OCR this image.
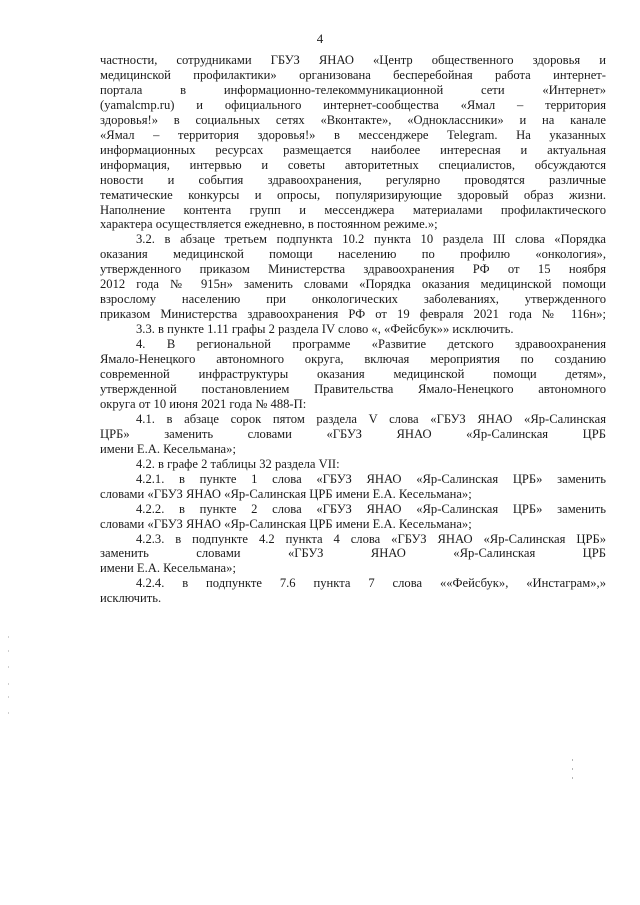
4
частности, сотрудниками ГБУЗ ЯНАО «Центр общественного здоровья и
медицинской профилактики» организована бесперебойная работа интернет-
портала в информационно-телекоммуникационной сети «Интернет»
(yamalcmp.ru) и официального интернет-сообщества «Ямал – территория
здоровья!» в социальных сетях «Вконтакте», «Одноклассники» и на канале
«Ямал – территория здоровья!» в мессенджере Telegram. На указанных
информационных ресурсах размещается наиболее интересная и актуальная
информация, интервью и советы авторитетных специалистов, обсуждаются
новости и события здравоохранения, регулярно проводятся различные
тематические конкурсы и опросы, популяризирующие здоровый образ жизни.
Наполнение контента групп и мессенджера материалами профилактического
характера осуществляется ежедневно, в постоянном режиме.»;
3.2. в абзаце третьем подпункта 10.2 пункта 10 раздела III слова «Порядка
оказания медицинской помощи населению по профилю «онкология»,
утвержденного приказом Министерства здравоохранения РФ от 15 ноября
2012 года № 915н» заменить словами «Порядка оказания медицинской помощи
взрослому населению при онкологических заболеваниях, утвержденного
приказом Министерства здравоохранения РФ от 19 февраля 2021 года № 116н»;
3.3. в пункте 1.11 графы 2 раздела IV слово «, «Фейсбук»» исключить.
4. В региональной программе «Развитие детского здравоохранения
Ямало-Ненецкого автономного округа, включая мероприятия по созданию
современной инфраструктуры оказания медицинской помощи детям»,
утвержденной постановлением Правительства Ямало-Ненецкого автономного
округа от 10 июня 2021 года № 488-П:
4.1. в абзаце сорок пятом раздела V слова «ГБУЗ ЯНАО «Яр-Салинская
ЦРБ» заменить словами «ГБУЗ ЯНАО «Яр-Салинская ЦРБ
имени Е.А. Кесельмана»;
4.2. в графе 2 таблицы 32 раздела VII:
4.2.1. в пункте 1 слова «ГБУЗ ЯНАО «Яр-Салинская ЦРБ» заменить
словами «ГБУЗ ЯНАО «Яр-Салинская ЦРБ имени Е.А. Кесельмана»;
4.2.2. в пункте 2 слова «ГБУЗ ЯНАО «Яр-Салинская ЦРБ» заменить
словами «ГБУЗ ЯНАО «Яр-Салинская ЦРБ имени Е.А. Кесельмана»;
4.2.3. в подпункте 4.2 пункта 4 слова «ГБУЗ ЯНАО «Яр-Салинская ЦРБ»
заменить словами «ГБУЗ ЯНАО «Яр-Салинская ЦРБ
имени Е.А. Кесельмана»;
4.2.4. в подпункте 7.6 пункта 7 слова ««Фейсбук», «Инстаграм»,»
исключить.
